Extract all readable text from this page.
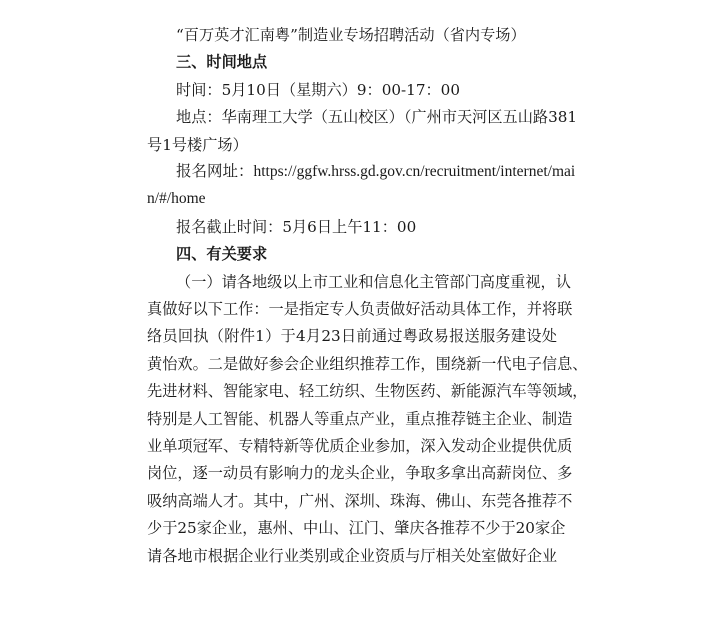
“百万英才汇南粤”制造业专场招聘活动（省内专场）
三、时间地点
时间：5月10日（星期六）9：00-17：00
地点：华南理工大学（五山校区）（广州市天河区五山路381
号1号楼广场）
报名网址：https://ggfw.hrss.gd.gov.cn/recruitment/internet/mai
n/#/home
报名截止时间：5月6日上午11：00
四、有关要求
（一）请各地级以上市工业和信息化主管部门高度重视，认
真做好以下工作：一是指定专人负责做好活动具体工作，并将联
络员回执（附件1）于4月23日前通过粤政易报送服务建设处
黄怡欢。二是做好参会企业组织推荐工作，围绕新一代电子信息、
先进材料、智能家电、轻工纺织、生物医药、新能源汽车等领域，
特别是人工智能、机器人等重点产业，重点推荐链主企业、制造
业单项冠军、专精特新等优质企业参加，深入发动企业提供优质
岗位，逐一动员有影响力的龙头企业，争取多拿出高薪岗位、多
吸纳高端人才。其中，广州、深圳、珠海、佛山、东莞各推荐不
少于25家企业，惠州、中山、江门、肇庆各推荐不少于20家企
请各地市根据企业行业类别或企业资质与厅相关处室做好企业
